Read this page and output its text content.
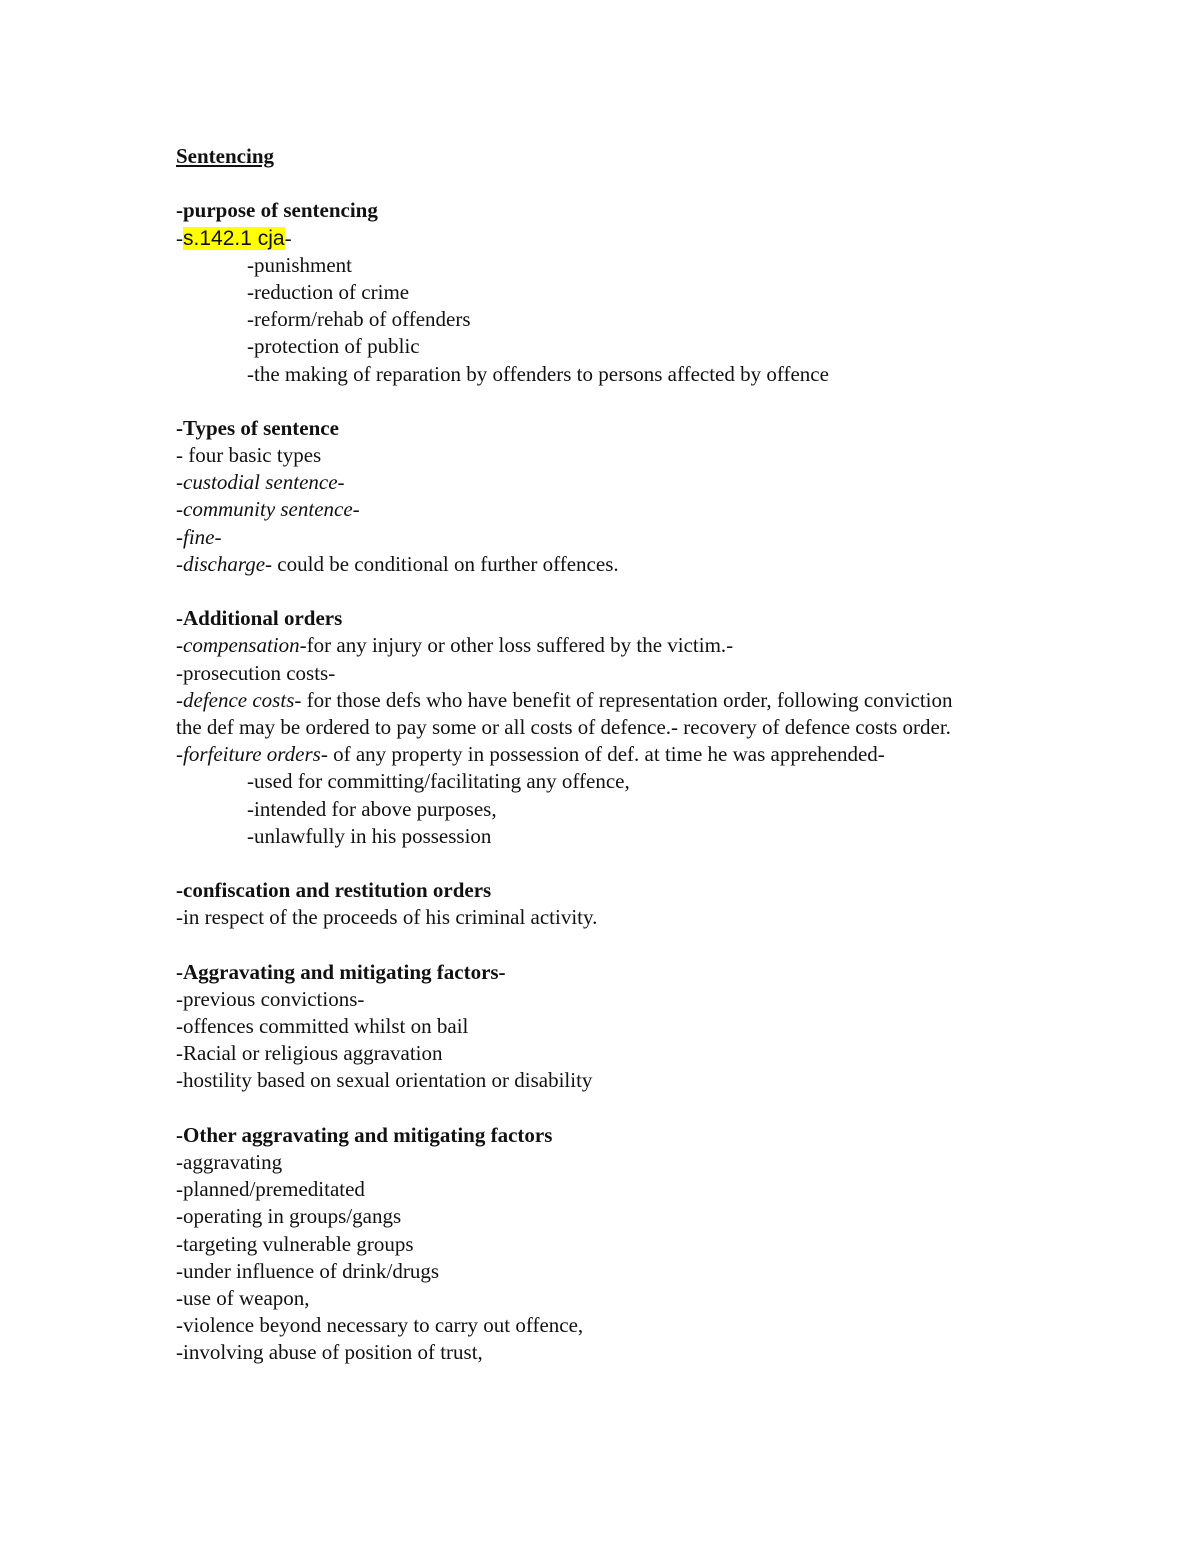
Sentencing
-purpose of sentencing
-s.142.1 cja-
-punishment
-reduction of crime
-reform/rehab of offenders
-protection of public
-the making of reparation by offenders to persons affected by offence
-Types of sentence
- four basic types
-custodial sentence-
-community sentence-
-fine-
-discharge- could be conditional on further offences.
-Additional orders
-compensation-for any injury or other loss suffered by the victim.-
-prosecution costs-
-defence costs- for those defs who have benefit of representation order, following conviction the def may be ordered to pay some or all costs of defence.- recovery of defence costs order.
-forfeiture orders- of any property in possession of def. at time he was apprehended-
-used for committing/facilitating any offence,
-intended for above purposes,
-unlawfully in his possession
-confiscation and restitution orders
-in respect of the proceeds of his criminal activity.
-Aggravating and mitigating factors-
-previous convictions-
-offences committed whilst on bail
-Racial or religious aggravation
-hostility based on sexual orientation or disability
-Other aggravating and mitigating factors
-aggravating
-planned/premeditated
-operating in groups/gangs
-targeting vulnerable groups
-under influence of drink/drugs
-use of weapon,
-violence beyond necessary to carry out offence,
-involving abuse of position of trust,
